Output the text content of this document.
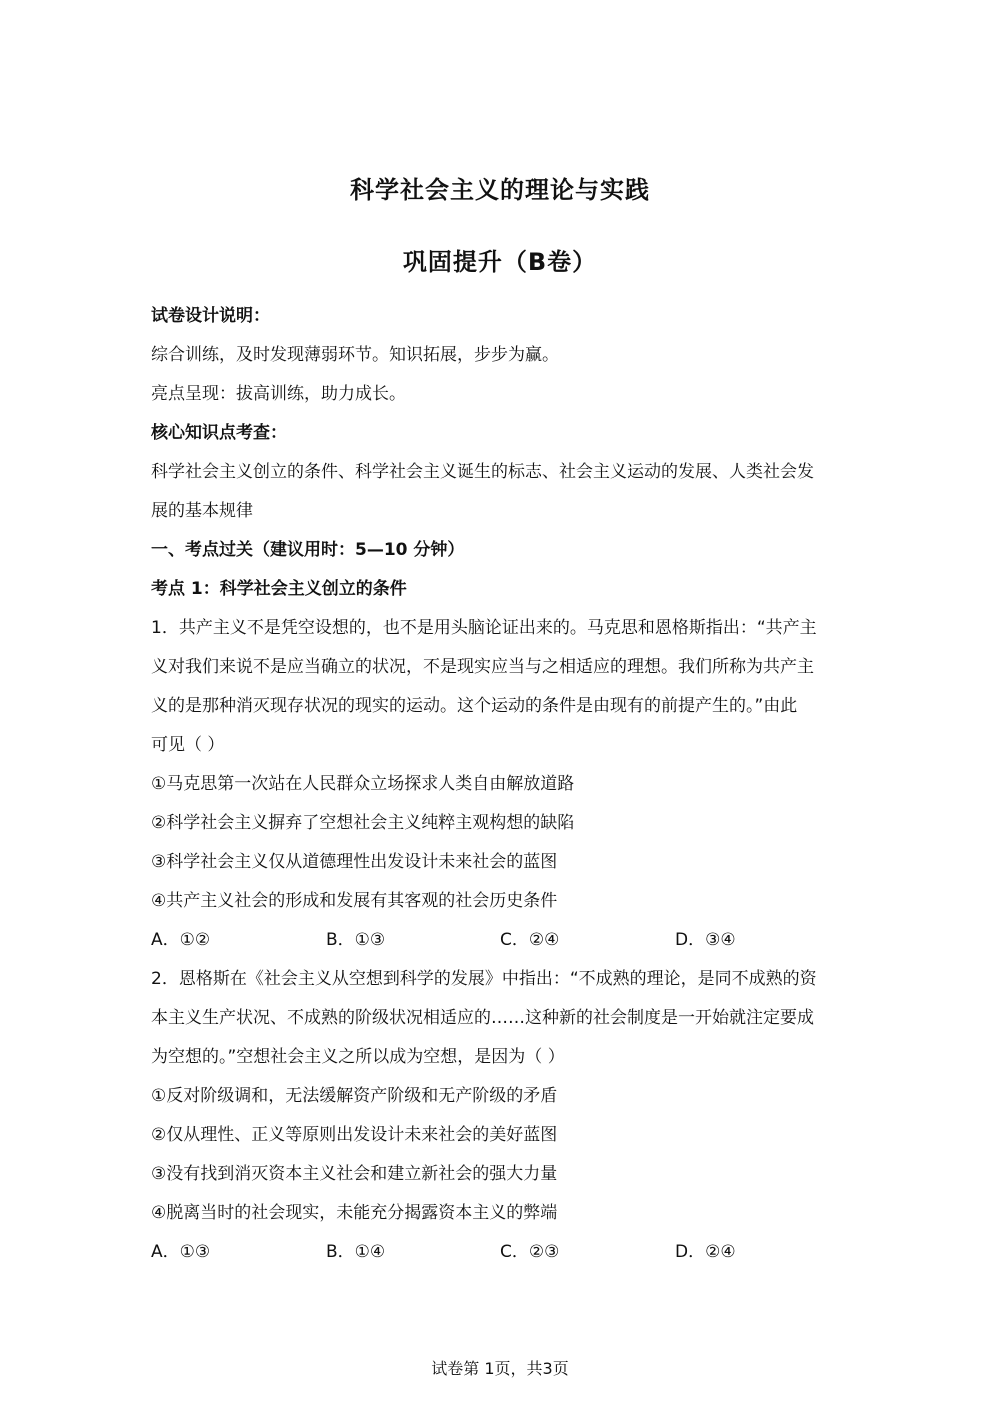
科学社会主义的理论与实践
巩固提升（B卷）
试卷设计说明：
综合训练，及时发现薄弱环节。知识拓展，步步为赢。
亮点呈现：拔高训练，助力成长。
核心知识点考查：
科学社会主义创立的条件、科学社会主义诞生的标志、社会主义运动的发展、人类社会发
展的基本规律
一、考点过关（建议用时：5—10 分钟）
考点 1：科学社会主义创立的条件
1．共产主义不是凭空设想的，也不是用头脑论证出来的。马克思和恩格斯指出：“共产主
义对我们来说不是应当确立的状况，不是现实应当与之相适应的理想。我们所称为共产主
义的是那种消灭现存状况的现实的运动。这个运动的条件是由现有的前提产生的。”由此
可见（ ）
①马克思第一次站在人民群众立场探求人类自由解放道路
②科学社会主义摒弃了空想社会主义纯粹主观构想的缺陷
③科学社会主义仅从道德理性出发设计未来社会的蓝图
④共产主义社会的形成和发展有其客观的社会历史条件
A．①②	B．①③	C．②④	D．③④
2．恩格斯在《社会主义从空想到科学的发展》中指出：“不成熟的理论，是同不成熟的资
本主义生产状况、不成熟的阶级状况相适应的……这种新的社会制度是一开始就注定要成
为空想的。”空想社会主义之所以成为空想，是因为（ ）
①反对阶级调和，无法缓解资产阶级和无产阶级的矛盾
②仅从理性、正义等原则出发设计未来社会的美好蓝图
③没有找到消灭资本主义社会和建立新社会的强大力量
④脱离当时的社会现实，未能充分揭露资本主义的弊端
A．①③	B．①④	C．②③	D．②④
试卷第 1页，共3页
